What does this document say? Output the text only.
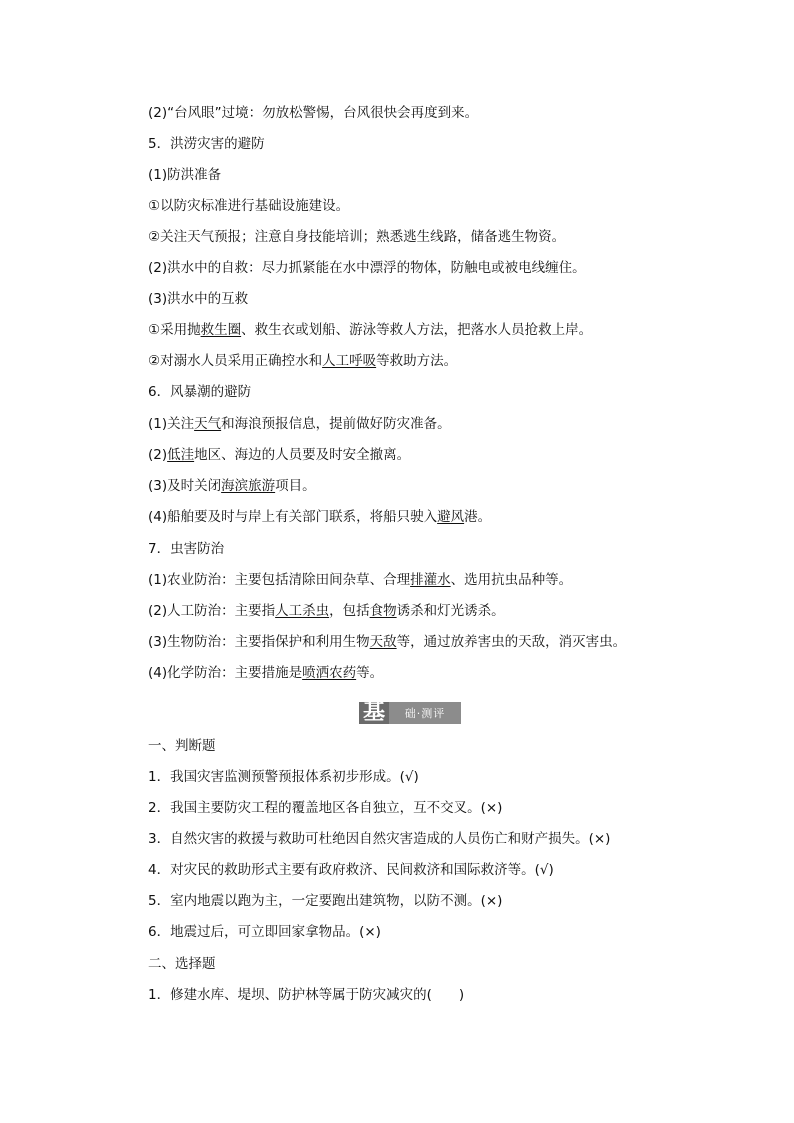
(2)“台风眼”过境：勿放松警惕，台风很快会再度到来。
5．洪涝灾害的避防
(1)防洪准备
①以防灾标准进行基础设施建设。
②关注天气预报；注意自身技能培训；熟悉逃生线路，储备逃生物资。
(2)洪水中的自救：尽力抓紧能在水中漂浮的物体，防触电或被电线缠住。
(3)洪水中的互救
①采用抛救生圈、救生衣或划船、游泳等救人方法，把落水人员抢救上岸。
②对溺水人员采用正确控水和人工呼吸等救助方法。
6．风暴潮的避防
(1)关注天气和海浪预报信息，提前做好防灾准备。
(2)低洼地区、海边的人员要及时安全撤离。
(3)及时关闭海滨旅游项目。
(4)船舶要及时与岸上有关部门联系，将船只驶入避风港。
7．虫害防治
(1)农业防治：主要包括清除田间杂草、合理排灌水、选用抗虫品种等。
(2)人工防治：主要指人工杀虫，包括食物诱杀和灯光诱杀。
(3)生物防治：主要指保护和利用生物天敌等，通过放养害虫的天敌，消灭害虫。
(4)化学防治：主要措施是喷洒农药等。
一、判断题
1．我国灾害监测预警预报体系初步形成。(√)
2．我国主要防灾工程的覆盖地区各自独立，互不交叉。(×)
3．自然灾害的救援与救助可杜绝因自然灾害造成的人员伤亡和财产损失。(×)
4．对灾民的救助形式主要有政府救济、民间救济和国际救济等。(√)
5．室内地震以跑为主，一定要跑出建筑物，以防不测。(×)
6．地震过后，可立即回家拿物品。(×)
二、选择题
1．修建水库、堤坝、防护林等属于防灾减灾的(　　)
基	础·测评
